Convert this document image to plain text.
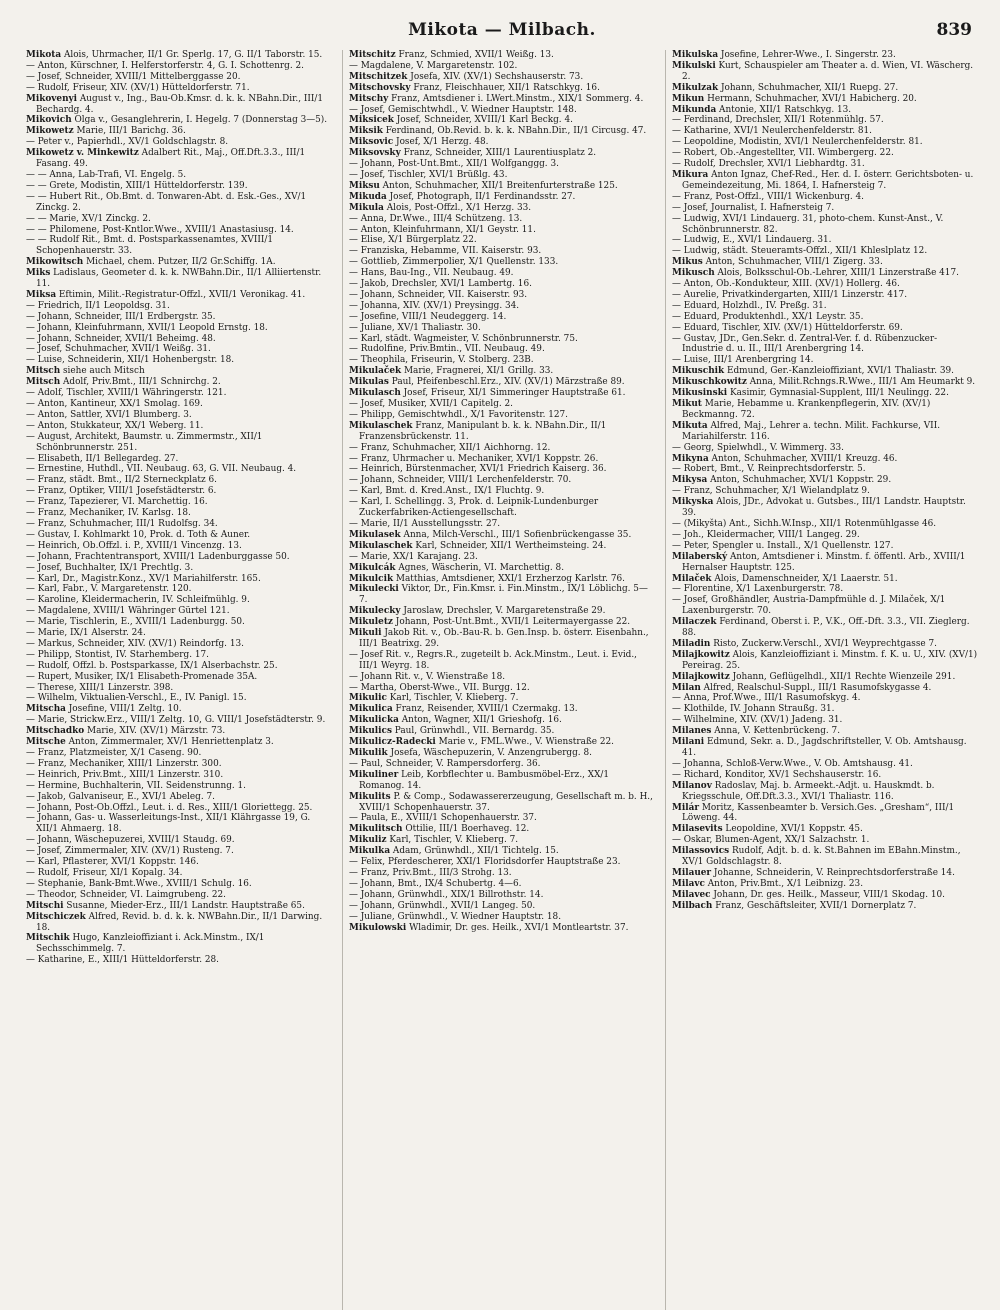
Mikota — Milbach.	839
Mikota Alois, Uhrmacher, II/1 Gr. Sperlg. 17, G. II/1 Taborstr. 15.
— Anton, Kürschner, I. Helferstorferstr. 4, G. I. Schottenrg. 2.
— Josef, Schneider, XVIII/1 Mittelberggasse 20.
— Rudolf, Friseur, XIV. (XV/1) Hütteldorferstr. 71.
Mikovenyi August v., Ing., Bau-Ob.Kmsr. d. k. k. NBahn.Dir., III/1 Bechardg. 4.
Mikovich Olga v., Gesanglehrerin, I. Hegelg. 7 (Donnerstag 3—5).
Mikowetz Marie, III/1 Barichg. 36.
— Peter v., Papierhdl., XV/1 Goldschlagstr. 8.
Mikowetz v. Minkewitz Adalbert Rit., Maj., Off.Dft.3.3., III/1 Fasang. 49.
— — Anna, Lab-Trafi, VI. Engelg. 5.
— — Grete, Modistin, XIII/1 Hütteldorferstr. 139.
— — Hubert Rit., Ob.Bmt. d. Tonwaren-Abt. d. Esk.-Ges., XV/1 Zinckg. 2.
— — Marie, XV/1 Zinckg. 2.
— — Philomene, Post-Kntlor.Wwe., XVIII/1 Anastasiusg. 14.
— — Rudolf Rit., Bmt. d. Postsparkassenamtes, XVIII/1 Schopenhauerstr. 33.
Mikowitsch Michael, chem. Putzer, II/2 Gr.Schiffg. 1A.
Miks Ladislaus, Geometer d. k. k. NWBahn.Dir., II/1 Alliiertenstr. 11.
Miksa Eftimin, Milit.-Registratur-Offzl., XVII/1 Veronikag. 41.
— Friedrich, II/1 Leopoldsg. 31.
— Johann, Schneider, III/1 Erdbergstr. 35.
— Johann, Kleinfuhrmann, XVII/1 Leopold Ernstg. 18.
— Johann, Schneider, XVII/1 Beheimg. 48.
— Josef, Schuhmacher, XVII/1 Weißg. 31.
— Luise, Schneiderin, XII/1 Hohenbergstr. 18.
Mitsch siehe auch Mitsch
Mitsch Adolf, Priv.Bmt., III/1 Schnirchg. 2.
— Adolf, Tischler, XVIII/1 Währingerstr. 121.
— Anton, Kantineur, XX/1 Smolag. 169.
— Anton, Sattler, XVI/1 Blumberg. 3.
— Anton, Stukkateur, XX/1 Weberg. 11.
— August, Architekt, Baumstr. u. Zimmermstr., XII/1 Schönbrunnerstr. 251.
— Elisabeth, II/1 Bellegardeg. 27.
— Ernestine, Huthdl., VII. Neubaug. 63, G. VII. Neubaug. 4.
— Franz, städt. Bmt., II/2 Sterneckplatz 6.
— Franz, Optiker, VIII/1 Josefstädterstr. 6.
— Franz, Tapezierer, VI. Marchettig. 16.
— Franz, Mechaniker, IV. Karlsg. 18.
— Franz, Schuhmacher, III/1 Rudolfsg. 34.
— Gustav, I. Kohlmarkt 10, Prok. d. Toth & Auner.
— Heinrich, Ob.Offzl. i. P., XVIII/1 Vincenzg. 13.
— Johann, Frachtentransport, XVIII/1 Ladenburggasse 50.
— Josef, Buchhalter, IX/1 Prechtlg. 3.
— Karl, Dr., Magistr.Konz., XV/1 Mariahilferstr. 165.
— Karl, Fabr., V. Margaretenstr. 120.
— Karoline, Kleidermacherin, IV. Schleifmühlg. 9.
— Magdalene, XVIII/1 Währinger Gürtel 121.
— Marie, Tischlerin, E., XVIII/1 Ladenburgg. 50.
— Marie, IX/1 Alserstr. 24.
— Markus, Schneider, XIV. (XV/1) Reindorfg. 13.
— Philipp, Stontist, IV. Starhemberg. 17.
— Rudolf, Offzl. b. Postsparkasse, IX/1 Alserbachstr. 25.
— Rupert, Musiker, IX/1 Elisabeth-Promenade 35A.
— Therese, XIII/1 Linzerstr. 398.
— Wilhelm, Viktualien-Verschl., E., IV. Panigl. 15.
Mitscha Josefine, VIII/1 Zeltg. 10.
— Marie, Strickw.Erz., VIII/1 Zeltg. 10, G. VIII/1 Josefstädterstr. 9.
Mitschadko Marie, XIV. (XV/1) Märzstr. 73.
Mitsche Anton, Zimmermaler, XV/1 Henriettenplatz 3.
— Franz, Platzmeister, X/1 Caseng. 90.
— Franz, Mechaniker, XIII/1 Linzerstr. 300.
— Heinrich, Priv.Bmt., XIII/1 Linzerstr. 310.
— Hermine, Buchhalterin, VII. Seidenstrunng. 1.
— Jakob, Galvaniseur, E., XVI/1 Abeleg. 7.
— Johann, Post-Ob.Offzl., Leut. i. d. Res., XIII/1 Gloriettegg. 25.
— Johann, Gas- u. Wasserleitungs-Inst., XII/1 Klährgasse 19, G. XII/1 Ahmaerg. 18.
— Johann, Wäschepuzerei, XVIII/1 Staudg. 69.
— Josef, Zimmermaler, XIV. (XV/1) Rusteng. 7.
— Karl, Pflasterer, XVI/1 Koppstr. 146.
— Rudolf, Friseur, XI/1 Kopalg. 34.
— Stephanie, Bank-Bmt.Wwe., XVIII/1 Schulg. 16.
— Theodor, Schneider, VI. Laimgrubeng. 22.
Mitschi Susanne, Mieder-Erz., III/1 Landstr. Hauptstraße 65.
Mitschiczek Alfred, Revid. b. d. k. k. NWBahn.Dir., II/1 Darwing. 18.
Mitschik Hugo, Kanzleioffiziant i. Ack.Minstm., IX/1 Sechsschimmelg. 7.
— Katharine, E., XIII/1 Hütteldorferstr. 28.
Mitschitz Franz, Schmied, XVII/1 Weißg. 13.
— Magdalene, V. Margaretenstr. 102.
Mitschitzek Josefa, XIV. (XV/1) Sechshauserstr. 73.
Mitschovsky Franz, Fleischhauer, XII/1 Ratschkyg. 16.
Mitschy Franz, Amtsdiener i. LWert.Minstm., XIX/1 Sommerg. 4.
— Josef, Gemischtwhdl., V. Wiedner Hauptstr. 148.
Miksicek Josef, Schneider, XVIII/1 Karl Beckg. 4.
Miksik Ferdinand, Ob.Revid. b. k. k. NBahn.Dir., II/1 Circusg. 47.
Miksovic Josef, X/1 Herzg. 48.
Miksovsky Franz, Schneider, XIII/1 Laurentiusplatz 2.
— Johann, Post-Unt.Bmt., XII/1 Wolfganggg. 3.
— Josef, Tischler, XVI/1 Brüßlg. 43.
Miksu Anton, Schuhmacher, XII/1 Breitenfurterstraße 125.
Mikuda Josef, Photograph, II/1 Ferdinandsstr. 27.
Mikula Alois, Post-Offzl., X/1 Herzg. 33.
— Anna, Dr.Wwe., III/4 Schützeng. 13.
— Anton, Kleinfuhrmann, XI/1 Geystr. 11.
— Elise, X/1 Bürgerplatz 22.
— Franziska, Hebamme, VII. Kaiserstr. 93.
— Gottlieb, Zimmerpolier, X/1 Quellenstr. 133.
— Hans, Bau-Ing., VII. Neubaug. 49.
— Jakob, Drechsler, XVI/1 Lambertg. 16.
— Johann, Schneider, VII. Kaiserstr. 93.
— Johanna, XIV. (XV/1) Preysingg. 34.
— Josefine, VIII/1 Neudeggerg. 14.
— Juliane, XV/1 Thaliastr. 30.
— Karl, städt. Wagmeister, V. Schönbrunnerstr. 75.
— Rudolfine, Priv.Bmtin., VII. Neubaug. 49.
— Theophila, Friseurin, V. Stolberg. 23B.
Mikulaček Marie, Fragnerei, XI/1 Grillg. 33.
Mikulas Paul, Pfeifenbeschl.Erz., XIV. (XV/1) Märzstraße 89.
Mikulasch Josef, Friseur, XI/1 Simmeringer Hauptstraße 61.
— Josef, Musiker, XVII/1 Capitelg. 2.
— Philipp, Gemischtwhdl., X/1 Favoritenstr. 127.
Mikulaschek Franz, Manipulant b. k. k. NBahn.Dir., II/1 Franzensbrückenstr. 11.
— Franz, Schuhmacher, XII/1 Aichhorng. 12.
— Franz, Uhrmacher u. Mechaniker, XVI/1 Koppstr. 26.
— Heinrich, Bürstenmacher, XVI/1 Friedrich Kaiserg. 36.
— Johann, Schneider, VIII/1 Lerchenfelderstr. 70.
— Karl, Bmt. d. Kred.Anst., IX/1 Fluchtg. 9.
— Karl, I. Schellingg. 3, Prok. d. Leipnik-Lundenburger Zuckerfabriken-Actiengesellschaft.
— Marie, II/1 Ausstellungsstr. 27.
Mikulasek Anna, Milch-Verschl., III/1 Sofienbrückengasse 35.
Mikulaschek Karl, Schneider, XII/1 Wertheimsteing. 24.
— Marie, XX/1 Karajang. 23.
Mikulcák Agnes, Wäscherin, VI. Marchettig. 8.
Mikulcik Matthias, Amtsdiener, XXI/1 Erzherzog Karlstr. 76.
Mikulecki Viktor, Dr., Fin.Kmsr. i. Fin.Minstm., IX/1 Löblichg. 5—7.
Mikulecky Jaroslaw, Drechsler, V. Margaretenstraße 29.
Mikuletz Johann, Post-Unt.Bmt., XVII/1 Leitermayergasse 22.
Mikuli Jakob Rit. v., Ob.-Bau-R. b. Gen.Insp. b. österr. Eisenbahn., III/1 Beatrixg. 29.
— Josef Rit. v., Regrs.R., zugeteilt b. Ack.Minstm., Leut. i. Evid., III/1 Weyrg. 18.
— Johann Rit. v., V. Wienstraße 18.
— Martha, Oberst-Wwe., VII. Burgg. 12.
Mikulic Karl, Tischler, V. Klieberg. 7.
Mikulica Franz, Reisender, XVIII/1 Czermakg. 13.
Mikulicka Anton, Wagner, XII/1 Grieshofg. 16.
Mikulics Paul, Grünwhdl., VII. Bernardg. 35.
Mikulicz-Radecki Marie v., FML.Wwe., V. Wienstraße 22.
Mikulik Josefa, Wäschepuzerin, V. Anzengrubergg. 8.
— Paul, Schneider, V. Rampersdorferg. 36.
Mikuliner Leib, Korbflechter u. Bambusmöbel-Erz., XX/1 Romanog. 14.
Mikulits P. & Comp., Sodawassererzeugung, Gesellschaft m. b. H., XVIII/1 Schopenhauerstr. 37.
— Paula, E., XVIII/1 Schopenhauerstr. 37.
Mikulitsch Ottilie, III/1 Boerhaveg. 12.
Mikuliz Karl, Tischler, V. Klieberg. 7.
Mikulka Adam, Grünwhdl., XII/1 Tichtelg. 15.
— Felix, Pferdescherer, XXI/1 Floridsdorfer Hauptstraße 23.
— Franz, Priv.Bmt., III/3 Strohg. 13.
— Johann, Bmt., IX/4 Schubertg. 4—6.
— Johann, Grünwhdl., XIX/1 Billrothstr. 14.
— Johann, Grünwhdl., XVII/1 Langeg. 50.
— Juliane, Grünwhdl., V. Wiedner Hauptstr. 18.
Mikulowski Wladimir, Dr. ges. Heilk., XVI/1 Montleartstr. 37.
Mikulska Josefine, Lehrer-Wwe., I. Singerstr. 23.
Mikulski Kurt, Schauspieler am Theater a. d. Wien, VI. Wäscherg. 2.
Mikulzak Johann, Schuhmacher, XII/1 Ruepg. 27.
Mikun Hermann, Schuhmacher, XVI/1 Habicherg. 20.
Mikunda Antonie, XII/1 Ratschkyg. 13.
— Ferdinand, Drechsler, XII/1 Rotenmühlg. 57.
— Katharine, XVI/1 Neulerchenfelderstr. 81.
— Leopoldine, Modistin, XVI/1 Neulerchenfelderstr. 81.
— Robert, Ob.-Angestellter, VII. Wimbergerg. 22.
— Rudolf, Drechsler, XVI/1 Liebhardtg. 31.
Mikura Anton Ignaz, Chef-Red., Her. d. I. österr. Gerichtsboten- u. Gemeindezeitung, Mi. 1864, I. Hafnersteig 7.
— Franz, Post-Offzl., VIII/1 Wickenburg. 4.
— Josef, Journalist, I. Hafnersteig 7.
— Ludwig, XVI/1 Lindauerg. 31, photo-chem. Kunst-Anst., V. Schönbrunnerstr. 82.
— Ludwig, E., XVI/1 Lindauerg. 31.
— Ludwig, städt. Steueramts-Offzl., XII/1 Khleslplatz 12.
Mikus Anton, Schuhmacher, VIII/1 Zigerg. 33.
Mikusch Alois, Bolksschul-Ob.-Lehrer, XIII/1 Linzerstraße 417.
— Anton, Ob.-Kondukteur, XIII. (XV/1) Hollerg. 46.
— Aurelie, Privatkindergarten, XIII/1 Linzerstr. 417.
— Eduard, Holzhdl., IV. Preßg. 31.
— Eduard, Produktenhdl., XX/1 Leystr. 35.
— Eduard, Tischler, XIV. (XV/1) Hütteldorferstr. 69.
— Gustav, JDr., Gen.Sekr. d. Zentral-Ver. f. d. Rübenzucker-Industrie d. u. II., III/1 Arenbergring 14.
— Luise, III/1 Arenbergring 14.
Mikuschik Edmund, Ger.-Kanzleioffiziant, XVI/1 Thaliastr. 39.
Mikuschkowitz Anna, Milit.Rchngs.R.Wwe., III/1 Am Heumarkt 9.
Mikusinski Kasimir, Gymnasial-Supplent, III/1 Neulingg. 22.
Mikut Marie, Hebamme u. Krankenpflegerin, XIV. (XV/1) Beckmanng. 72.
Mikuta Alfred, Maj., Lehrer a. techn. Milit. Fachkurse, VII. Mariahilferstr. 116.
— Georg, Spielwhdl., V. Wimmerg. 33.
Mikyna Anton, Schuhmacher, XVIII/1 Kreuzg. 46.
— Robert, Bmt., V. Reinprechtsdorferstr. 5.
Mikysa Anton, Schuhmacher, XVI/1 Koppstr. 29.
— Franz, Schuhmacher, X/1 Wielandplatz 9.
Mikyska Alois, JDr., Advokat u. Gutsbes., III/1 Landstr. Hauptstr. 39.
— (Mikyšta) Ant., Sichh.W.Insp., XII/1 Rotenmühlgasse 46.
— Joh., Kleidermacher, VIII/1 Langeg. 29.
— Peter, Spengler u. Install., X/1 Quellenstr. 127.
Milaberský Anton, Amtsdiener i. Minstm. f. öffentl. Arb., XVIII/1 Hernalser Hauptstr. 125.
Milaček Alois, Damenschneider, X/1 Laaerstr. 51.
— Florentine, X/1 Laxenburgerstr. 78.
— Josef, Großhändler, Austria-Dampfmühle d. J. Milaček, X/1 Laxenburgerstr. 70.
Milaczek Ferdinand, Oberst i. P., V.K., Off.-Dft. 3.3., VII. Zieglerg. 88.
Miladin Risto, Zuckerw.Verschl., XVI/1 Weyprechtgasse 7.
Milajkowitz Alois, Kanzleioffiziant i. Minstm. f. K. u. U., XIV. (XV/1) Pereirag. 25.
Milajkowitz Johann, Geflügelhdl., XII/1 Rechte Wienzeile 291.
Milan Alfred, Realschul-Suppl., III/1 Rasumofskygasse 4.
— Anna, Prof.Wwe., III/1 Rasumofskyg. 4.
— Klothilde, IV. Johann Straußg. 31.
— Wilhelmine, XIV. (XV/1) Jadeng. 31.
Milanes Anna, V. Kettenbrückeng. 7.
Milani Edmund, Sekr. a. D., Jagdschriftsteller, V. Ob. Amtshausg. 41.
— Johanna, Schloß-Verw.Wwe., V. Ob. Amtshausg. 41.
— Richard, Konditor, XV/1 Sechshauserstr. 16.
Milanov Radoslav, Maj. b. Armeekt.-Adjt. u. Hauskmdt. b. Kriegsschule, Off.Dft.3.3., XVI/1 Thaliastr. 116.
Milár Moritz, Kassenbeamter b. Versich.Ges. „Gresham“, III/1 Löweng. 44.
Milasevits Leopoldine, XVI/1 Koppstr. 45.
— Oskar, Blumen-Agent, XX/1 Salzachstr. 1.
Milassovics Rudolf, Adjt. b. d. k. St.Bahnen im EBahn.Minstm., XV/1 Goldschlagstr. 8.
Milauer Johanne, Schneiderin, V. Reinprechtsdorferstraße 14.
Milavc Anton, Priv.Bmt., X/1 Leibnizg. 23.
Milavec Johann, Dr. ges. Heilk., Masseur, VIII/1 Skodag. 10.
Milbach Franz, Geschäftsleiter, XVII/1 Dornerplatz 7.
